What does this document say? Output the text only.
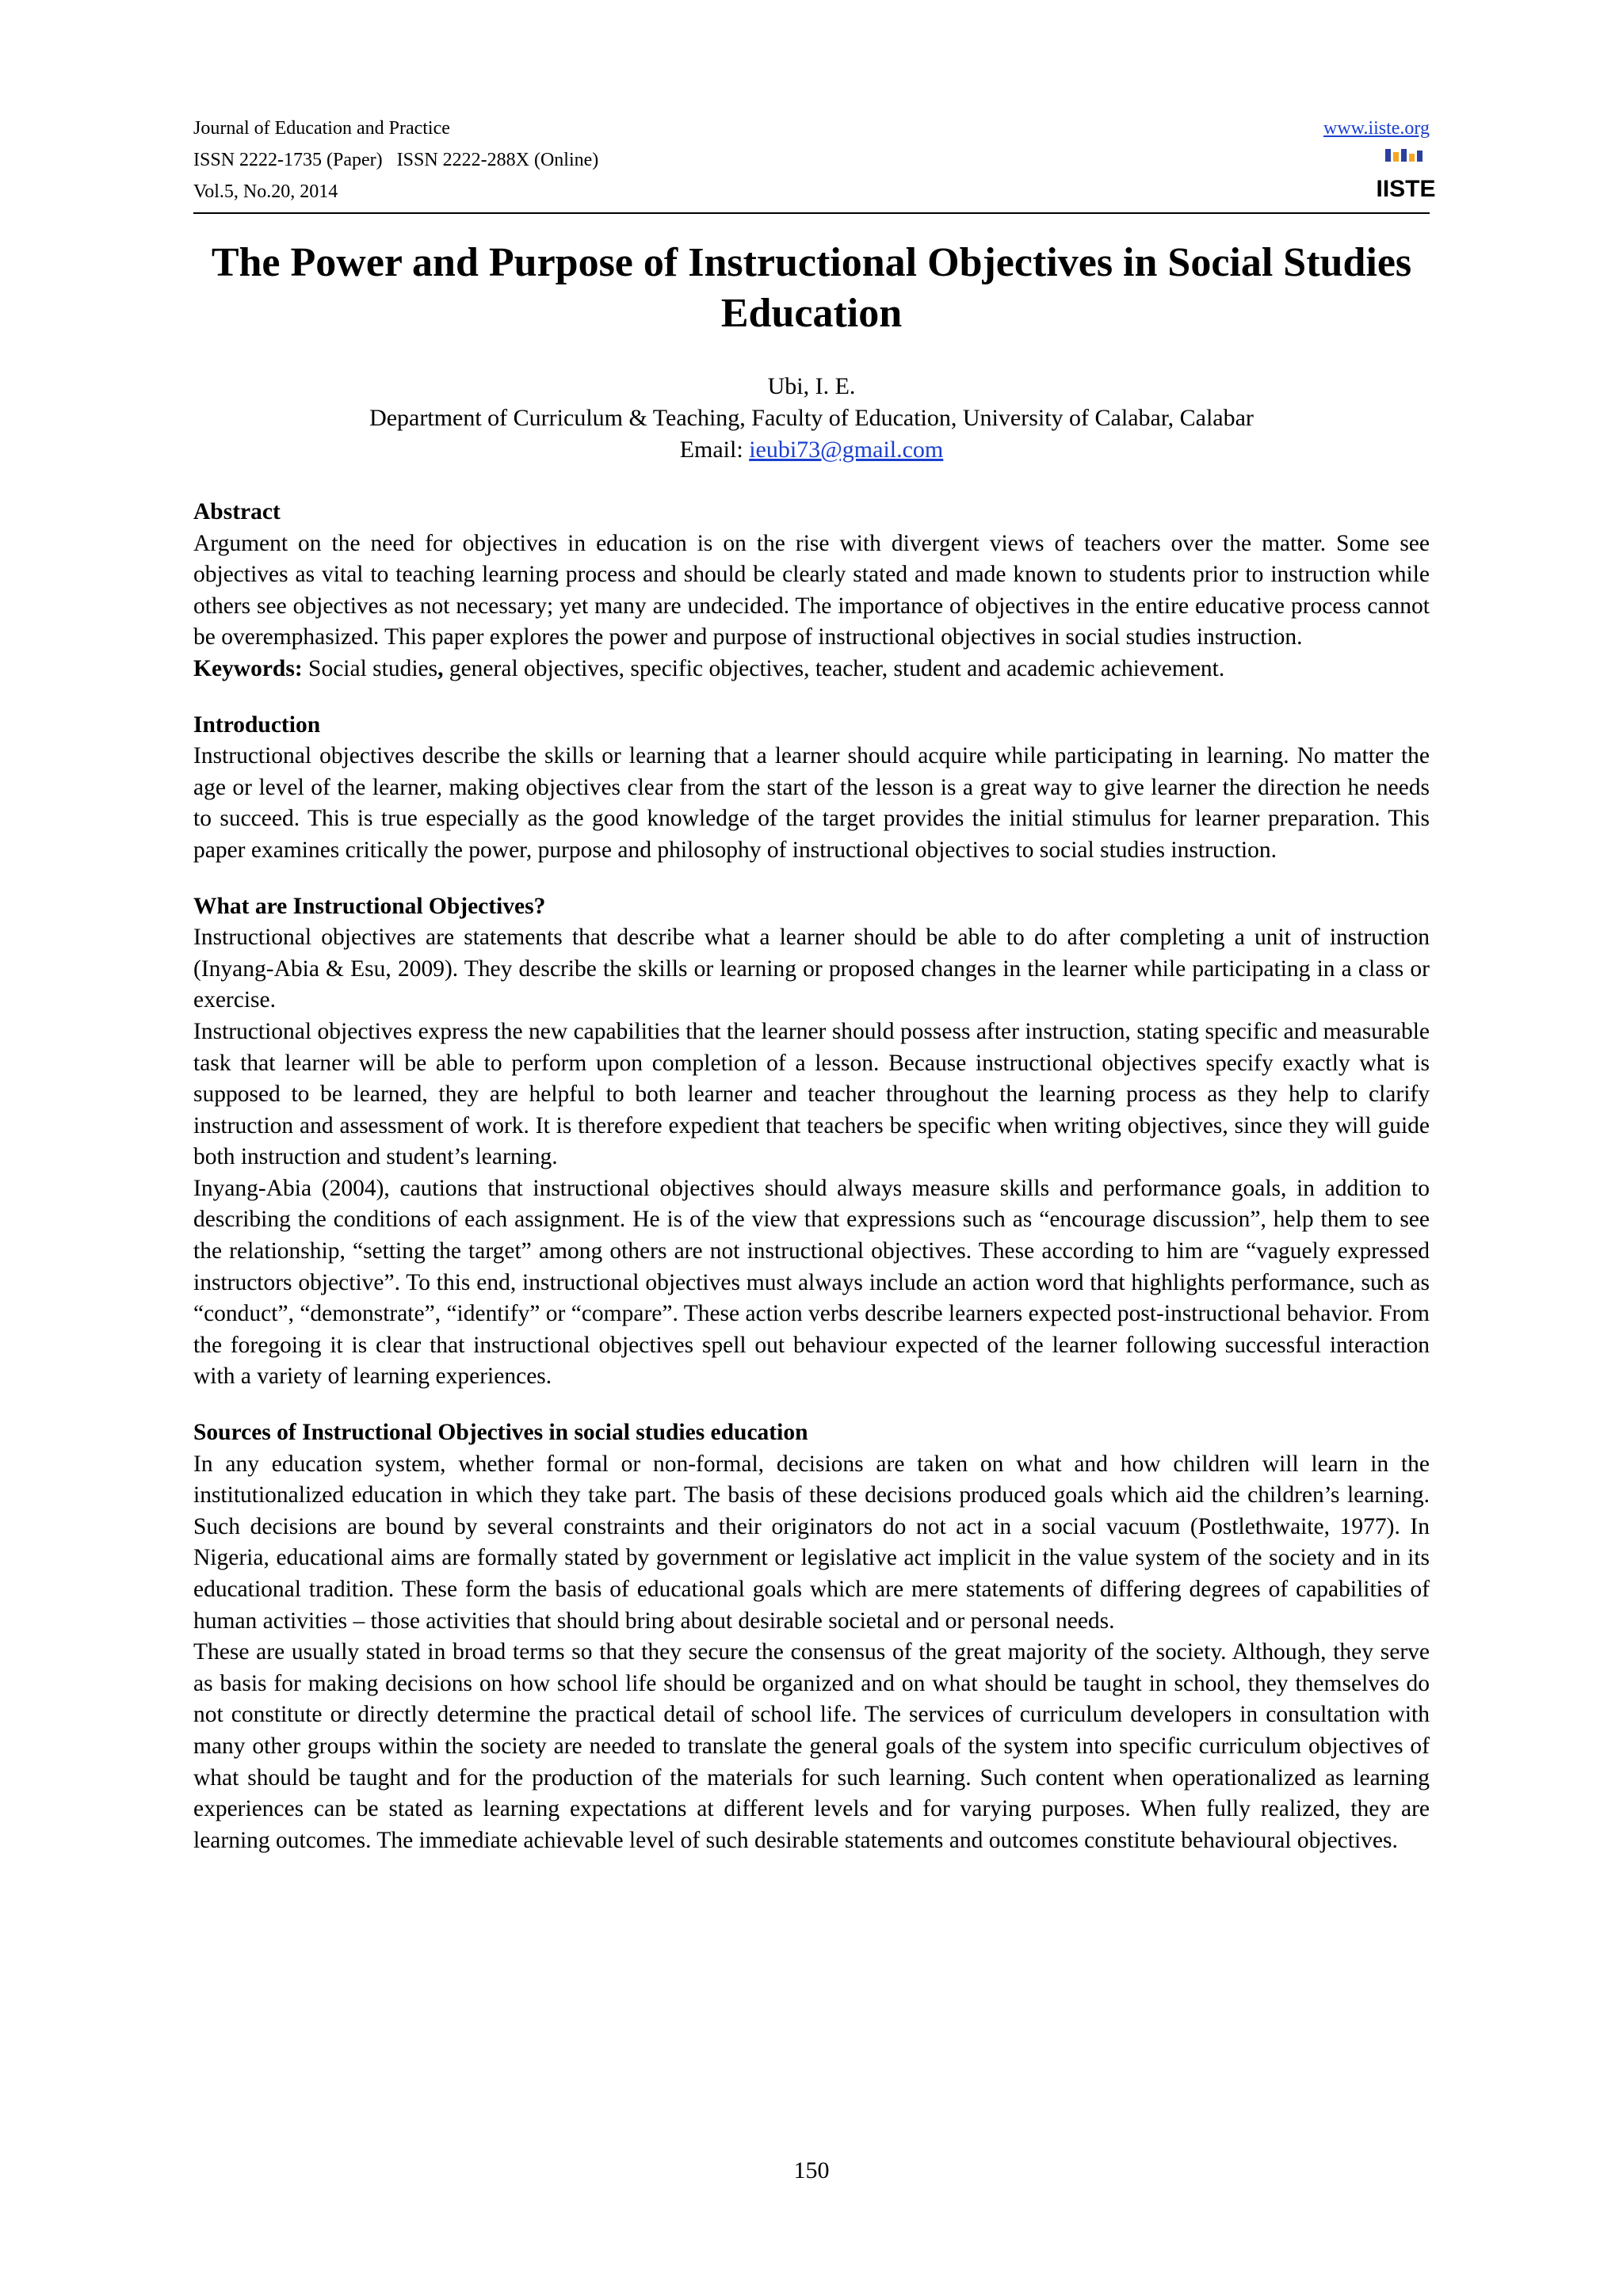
Journal of Education and Practice
ISSN 2222-1735 (Paper)   ISSN 2222-288X (Online)
Vol.5, No.20, 2014
www.iiste.org
IISTE
The Power and Purpose of Instructional Objectives in Social Studies Education
Ubi, I. E.
Department of Curriculum & Teaching, Faculty of Education, University of Calabar, Calabar
Email: ieubi73@gmail.com
Abstract

Argument on the need for objectives in education is on the rise with divergent views of teachers over the matter. Some see objectives as vital to teaching learning process and should be clearly stated and made known to students prior to instruction while others see objectives as not necessary; yet many are undecided. The importance of objectives in the entire educative process cannot be overemphasized. This paper explores the power and purpose of instructional objectives in social studies instruction.

Keywords: Social studies, general objectives, specific objectives, teacher, student and academic achievement.

Introduction

Instructional objectives describe the skills or learning that a learner should acquire while participating in learning. No matter the age or level of the learner, making objectives clear from the start of the lesson is a great way to give learner the direction he needs to succeed. This is true especially as the good knowledge of the target provides the initial stimulus for learner preparation. This paper examines critically the power, purpose and philosophy of instructional objectives to social studies instruction.

What are Instructional Objectives?

Instructional objectives are statements that describe what a learner should be able to do after completing a unit of instruction (Inyang-Abia & Esu, 2009). They describe the skills or learning or proposed changes in the learner while participating in a class or exercise.

Instructional objectives express the new capabilities that the learner should possess after instruction, stating specific and measurable task that learner will be able to perform upon completion of a lesson. Because instructional objectives specify exactly what is supposed to be learned, they are helpful to both learner and teacher throughout the learning process as they help to clarify instruction and assessment of work. It is therefore expedient that teachers be specific when writing objectives, since they will guide both instruction and student’s learning.

Inyang-Abia (2004), cautions that instructional objectives should always measure skills and performance goals, in addition to describing the conditions of each assignment. He is of the view that expressions such as “encourage discussion”, help them to see the relationship, “setting the target” among others are not instructional objectives. These according to him are “vaguely expressed instructors objective”. To this end, instructional objectives must always include an action word that highlights performance, such as “conduct”, “demonstrate”, “identify” or “compare”. These action verbs describe learners expected post-instructional behavior. From the foregoing it is clear that instructional objectives spell out behaviour expected of the learner following successful interaction with a variety of learning experiences.

Sources of Instructional Objectives in social studies education

In any education system, whether formal or non-formal, decisions are taken on what and how children will learn in the institutionalized education in which they take part. The basis of these decisions produced goals which aid the children’s learning. Such decisions are bound by several constraints and their originators do not act in a social vacuum (Postlethwaite, 1977). In Nigeria, educational aims are formally stated by government or legislative act implicit in the value system of the society and in its educational tradition. These form the basis of educational goals which are mere statements of differing degrees of capabilities of human activities – those activities that should bring about desirable societal and or personal needs.

These are usually stated in broad terms so that they secure the consensus of the great majority of the society. Although, they serve as basis for making decisions on how school life should be organized and on what should be taught in school, they themselves do not constitute or directly determine the practical detail of school life. The services of curriculum developers in consultation with many other groups within the society are needed to translate the general goals of the system into specific curriculum objectives of what should be taught and for the production of the materials for such learning. Such content when operationalized as learning experiences can be stated as learning expectations at different levels and for varying purposes. When fully realized, they are learning outcomes. The immediate achievable level of such desirable statements and outcomes constitute behavioural objectives.

150
